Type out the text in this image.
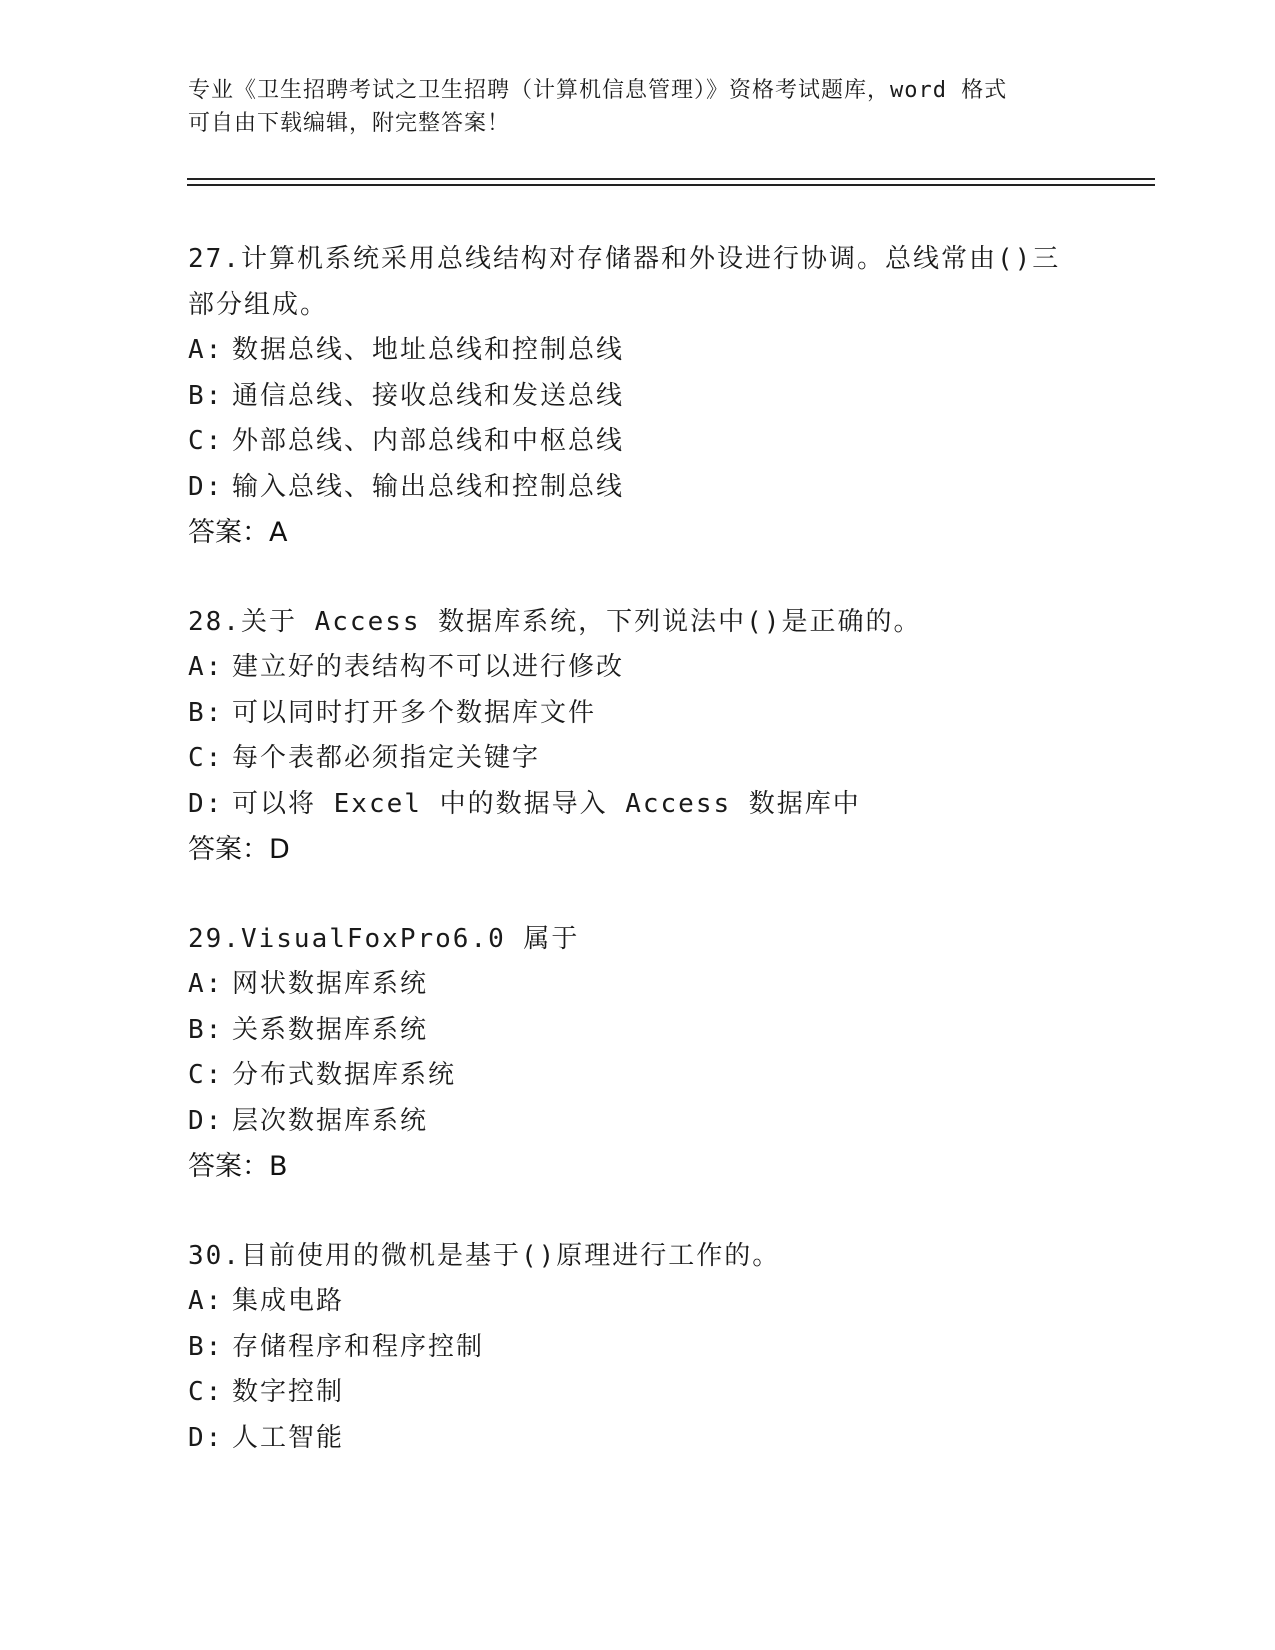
专业《卫生招聘考试之卫生招聘（计算机信息管理）》资格考试题库，word 格式
可自由下载编辑，附完整答案！
27.计算机系统采用总线结构对存储器和外设进行协调。总线常由()三
部分组成。
A: 数据总线、地址总线和控制总线
B: 通信总线、接收总线和发送总线
C: 外部总线、内部总线和中枢总线
D: 输入总线、输出总线和控制总线
答案：A
28.关于 Access 数据库系统，下列说法中()是正确的。
A: 建立好的表结构不可以进行修改
B: 可以同时打开多个数据库文件
C: 每个表都必须指定关键字
D: 可以将 Excel 中的数据导入 Access 数据库中
答案：D
29.VisualFoxPro6.0 属于
A: 网状数据库系统
B: 关系数据库系统
C: 分布式数据库系统
D: 层次数据库系统
答案：B
30.目前使用的微机是基于()原理进行工作的。
A: 集成电路
B: 存储程序和程序控制
C: 数字控制
D: 人工智能
